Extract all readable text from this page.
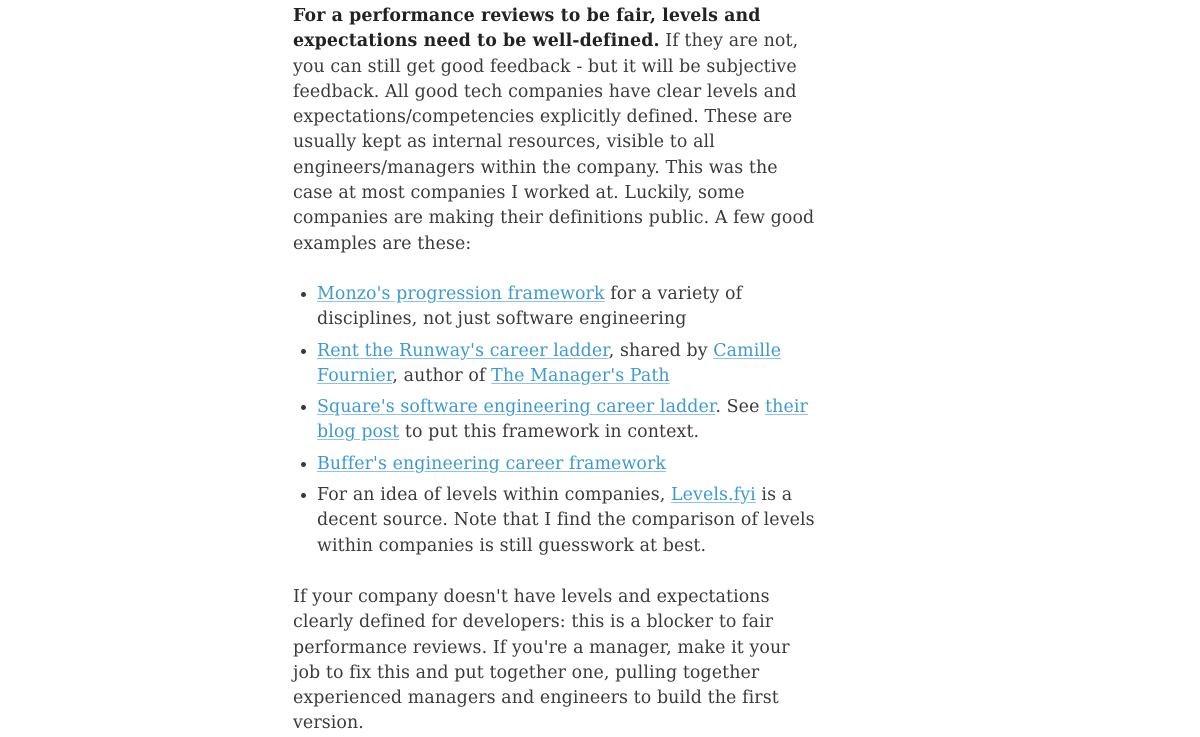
For a performance reviews to be fair, levels and expectations need to be well-defined. If they are not, you can still get good feedback - but it will be subjective feedback. All good tech companies have clear levels and expectations/competencies explicitly defined. These are usually kept as internal resources, visible to all engineers/managers within the company. This was the case at most companies I worked at. Luckily, some companies are making their definitions public. A few good examples are these:

• Monzo's progression framework for a variety of disciplines, not just software engineering
• Rent the Runway's career ladder, shared by Camille Fournier, author of The Manager's Path
• Square's software engineering career ladder. See their blog post to put this framework in context.
• Buffer's engineering career framework
• For an idea of levels within companies, Levels.fyi is a decent source. Note that I find the comparison of levels within companies is still guesswork at best.

If your company doesn't have levels and expectations clearly defined for developers: this is a blocker to fair performance reviews. If you're a manager, make it your job to fix this and put together one, pulling together experienced managers and engineers to build the first version.
